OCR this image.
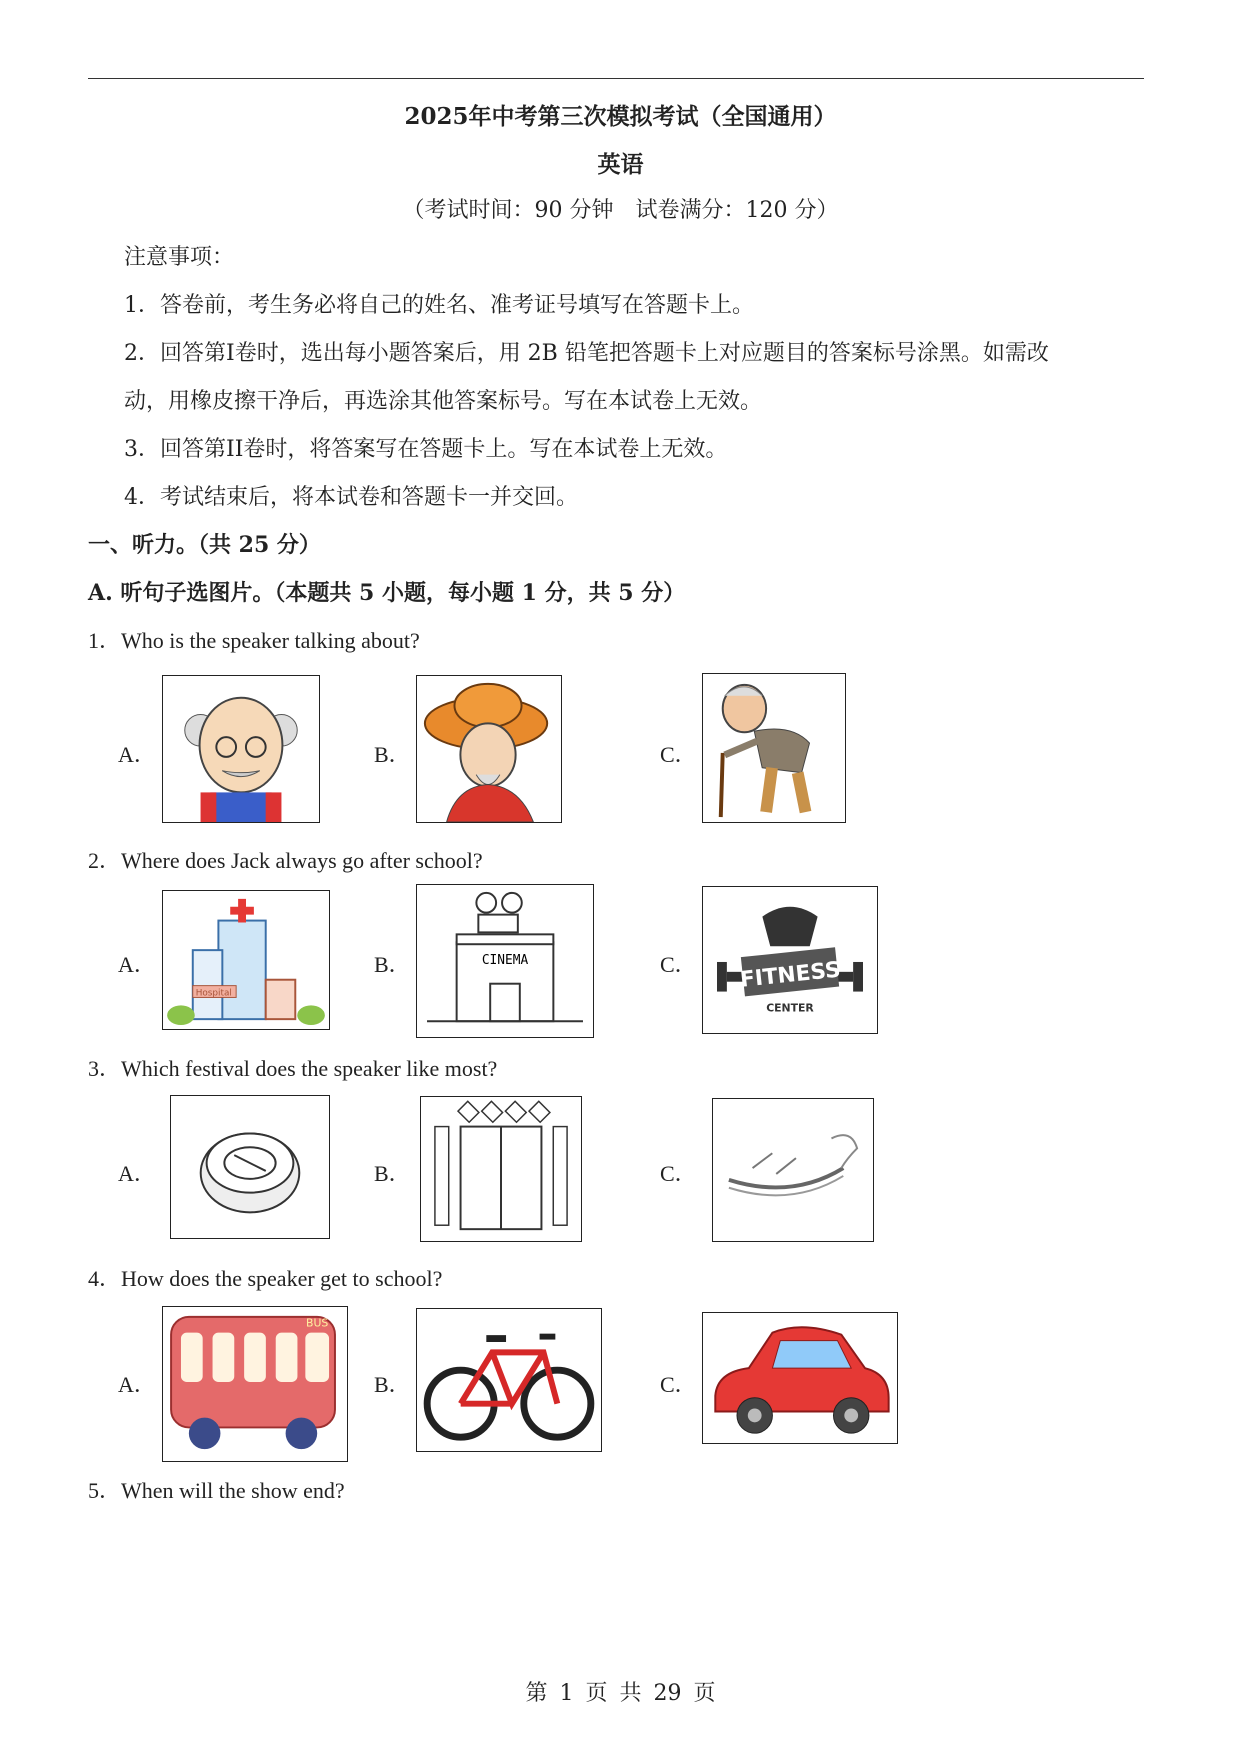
2025年中考第三次模拟考试（全国通用）
英语
（考试时间：90 分钟　试卷满分：120 分）
注意事项：
1．答卷前，考生务必将自己的姓名、准考证号填写在答题卡上。
2．回答第I卷时，选出每小题答案后，用 2B 铅笔把答题卡上对应题目的答案标号涂黑。如需改
动，用橡皮擦干净后，再选涂其他答案标号。写在本试卷上无效。
3．回答第II卷时，将答案写在答题卡上。写在本试卷上无效。
4．考试结束后，将本试卷和答题卡一并交回。
一、听力。（共 25 分）
A. 听句子选图片。（本题共 5 小题，每小题 1 分，共 5 分）
1．Who is the speaker talking about?
A．	B．	C．
2．Where does Jack always go after school?
A．
Hospital
B．	CINEMA	C． FITNESS
CENTER
3．Which festival does the speaker like most?
A．	B．	C．
4．How does the speaker get to school?
A．
BUS
B．	C．
5．When will the show end?
第 1 页 共 29 页
